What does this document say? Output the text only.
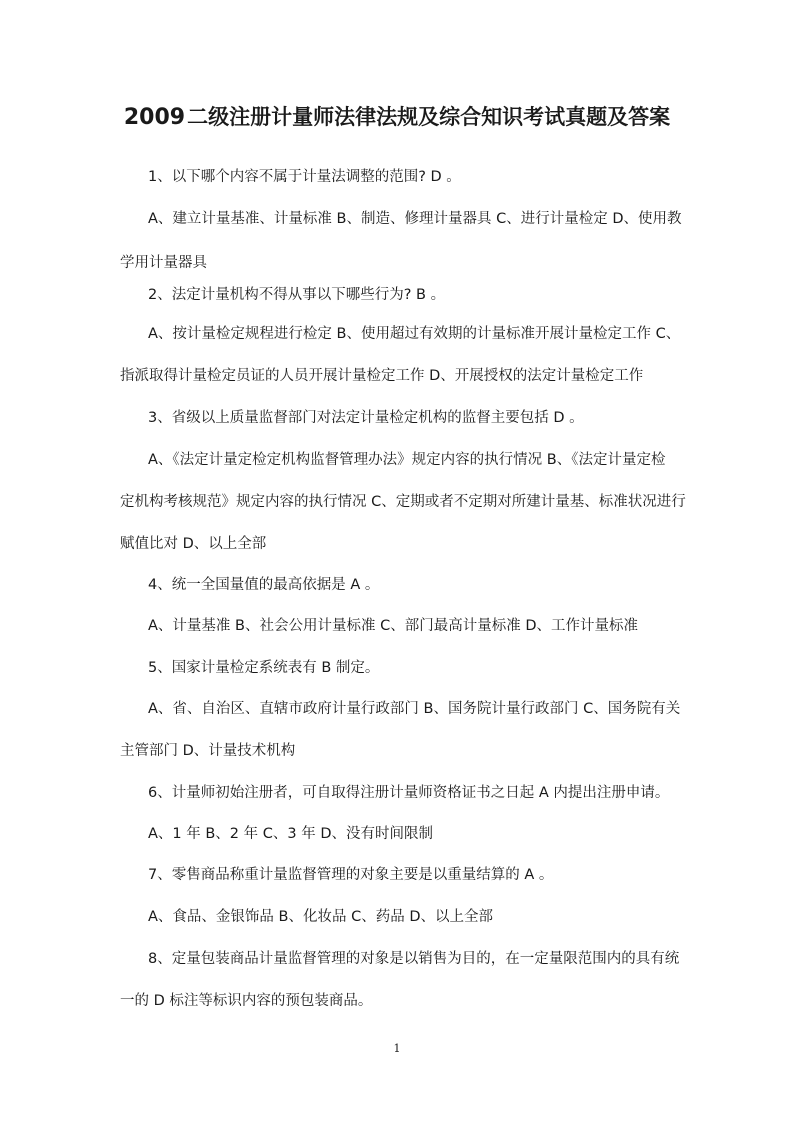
2009二级注册计量师法律法规及综合知识考试真题及答案
1、以下哪个内容不属于计量法调整的范围? D 。
A、建立计量基准、计量标准 B、制造、修理计量器具 C、进行计量检定 D、使用教
学用计量器具
2、法定计量机构不得从事以下哪些行为? B 。
A、按计量检定规程进行检定 B、使用超过有效期的计量标准开展计量检定工作 C、
指派取得计量检定员证的人员开展计量检定工作 D、开展授权的法定计量检定工作
3、省级以上质量监督部门对法定计量检定机构的监督主要包括 D 。
A、《法定计量定检定机构监督管理办法》规定内容的执行情况 B、《法定计量定检
定机构考核规范》规定内容的执行情况 C、定期或者不定期对所建计量基、标准状况进行
赋值比对 D、以上全部
4、统一全国量值的最高依据是 A 。
A、计量基准 B、社会公用计量标准 C、部门最高计量标准 D、工作计量标准
5、国家计量检定系统表有 B 制定。
A、省、自治区、直辖市政府计量行政部门 B、国务院计量行政部门 C、国务院有关
主管部门 D、计量技术机构
6、计量师初始注册者，可自取得注册计量师资格证书之日起 A 内提出注册申请。
A、1 年 B、2 年 C、3 年 D、没有时间限制
7、零售商品称重计量监督管理的对象主要是以重量结算的 A 。
A、食品、金银饰品 B、化妆品 C、药品 D、以上全部
8、定量包装商品计量监督管理的对象是以销售为目的，在一定量限范围内的具有统
一的 D 标注等标识内容的预包装商品。
1
